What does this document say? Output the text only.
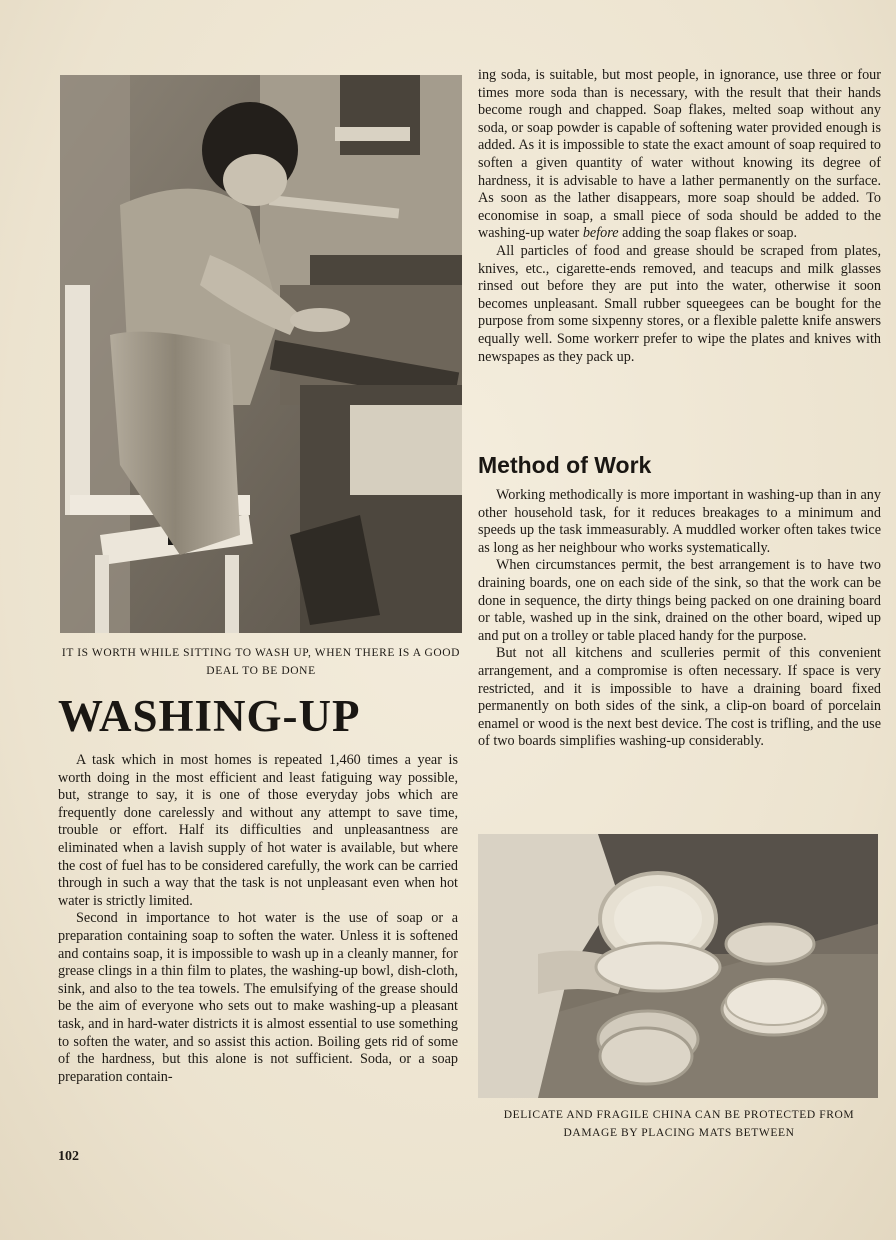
IT IS WORTH WHILE SITTING TO WASH UP, WHEN THERE IS A GOOD DEAL TO BE DONE
WASHING-UP

A task which in most homes is repeated 1,460 times a year is worth doing in the most efficient and least fatiguing way possible, but, strange to say, it is one of those everyday jobs which are frequently done carelessly and without any attempt to save time, trouble or effort. Half its difficulties and unpleasantness are eliminated when a lavish supply of hot water is available, but where the cost of fuel has to be considered carefully, the work can be carried through in such a way that the task is not unpleasant even when hot water is strictly limited.

Second in importance to hot water is the use of soap or a preparation containing soap to soften the water. Unless it is softened and contains soap, it is impossible to wash up in a cleanly manner, for grease clings in a thin film to plates, the washing-up bowl, dish-cloth, sink, and also to the tea towels. The emulsifying of the grease should be the aim of everyone who sets out to make washing-up a pleasant task, and in hard-water districts it is almost essential to use something to soften the water, and so assist this action. Boiling gets rid of some of the hardness, but this alone is not sufficient. Soda, or a soap preparation contain-

ing soda, is suitable, but most people, in ignorance, use three or four times more soda than is necessary, with the result that their hands become rough and chapped. Soap flakes, melted soap without any soda, or soap powder is capable of softening water provided enough is added. As it is impossible to state the exact amount of soap required to soften a given quantity of water without knowing its degree of hardness, it is advisable to have a lather permanently on the surface. As soon as the lather disappears, more soap should be added. To economise in soap, a small piece of soda should be added to the washing-up water before adding the soap flakes or soap.

All particles of food and grease should be scraped from plates, knives, etc., cigarette-ends removed, and teacups and milk glasses rinsed out before they are put into the water, otherwise it soon becomes unpleasant. Small rubber squeegees can be bought for the purpose from some sixpenny stores, or a flexible palette knife answers equally well. Some workerr prefer to wipe the plates and knives with newspapes as they pack up.

Method of Work

Working methodically is more important in washing-up than in any other household task, for it reduces breakages to a minimum and speeds up the task immeasurably. A muddled worker often takes twice as long as her neighbour who works systematically.

When circumstances permit, the best arrangement is to have two draining boards, one on each side of the sink, so that the work can be done in sequence, the dirty things being packed on one draining board or table, washed up in the sink, drained on the other board, wiped up and put on a trolley or table placed handy for the purpose.

But not all kitchens and sculleries permit of this convenient arrangement, and a compromise is often necessary. If space is very restricted, and it is impossible to have a draining board fixed permanently on both sides of the sink, a clip-on board of porcelain enamel or wood is the next best device. The cost is trifling, and the use of two boards simplifies washing-up considerably.

DELICATE AND FRAGILE CHINA CAN BE PROTECTED FROM DAMAGE BY PLACING MATS BETWEEN
102
